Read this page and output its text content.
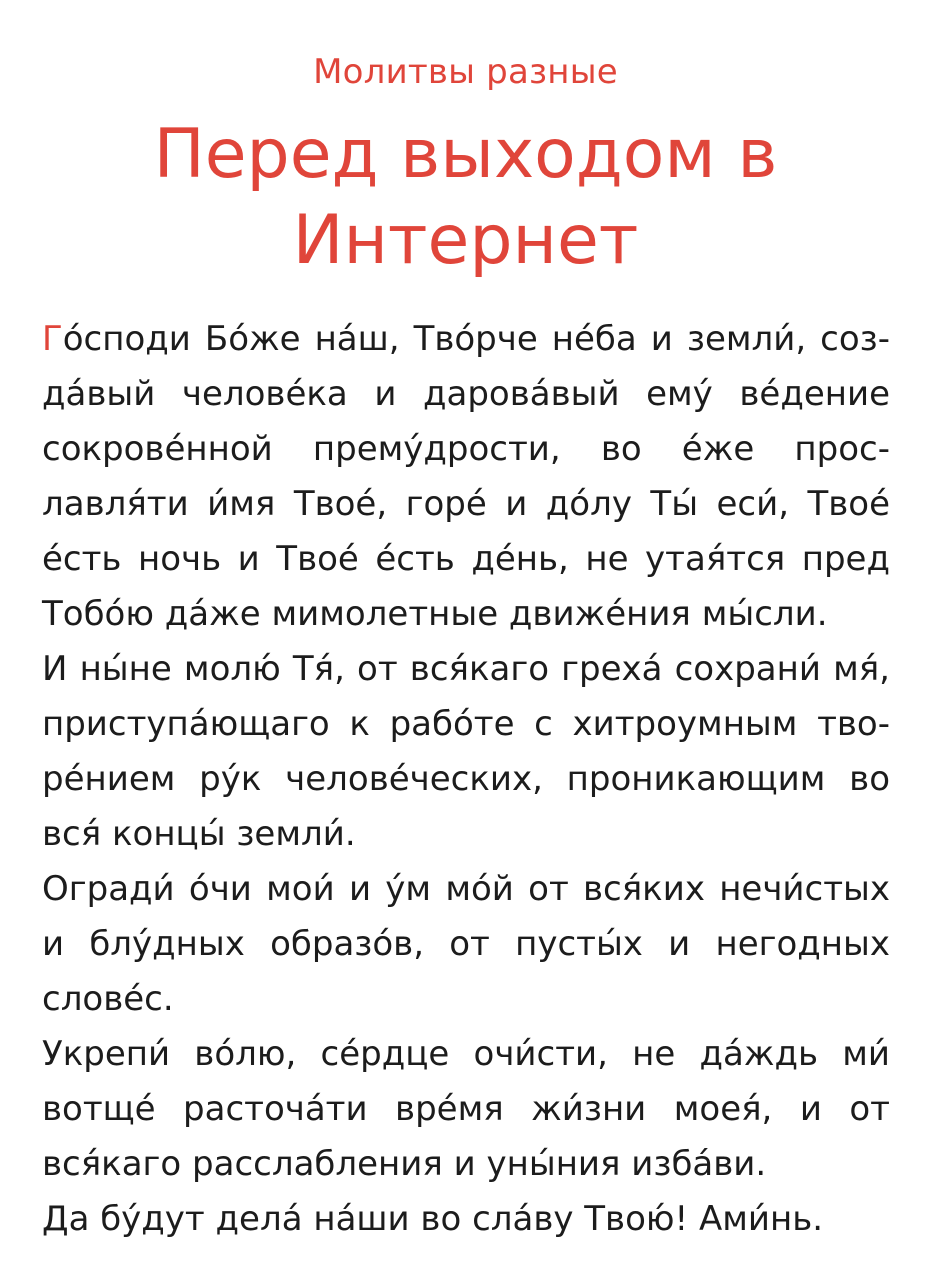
Молитвы разные
Перед выходом в Интернет

Го́споди Бо́же на́ш, Тво́рче не́ба и земли́, соз-да́вый челове́ка и дарова́вый ему́ ве́дение сокрове́нной прему́дрости, во е́же прос-лавля́ти и́мя Твое́, горе́ и до́лу Ты́ еси́, Твое́ е́сть ночь и Твое́ е́сть де́нь, не утая́тся пред Тобо́ю да́же мимолетные движе́ния мы́сли.

И ны́не молю́ Тя́, от вся́каго греха́ сохрани́ мя́, приступа́ющаго к рабо́те с хитроумным тво-ре́нием ру́к челове́ческих, проникающим во вся́ концы́ земли́.

Огради́ о́чи мои́ и у́м мо́й от вся́ких нечи́стых и блу́дных образо́в, от пусты́х и негодных слове́с.

Укрепи́ во́лю, се́рдце очи́сти, не да́ждь ми́ вотще́ расточа́ти вре́мя жи́зни моея́, и от вся́каго расслабления и уны́ния избáви.

Да бу́дут дела́ на́ши во сла́ву Твою́! Ами́нь.
